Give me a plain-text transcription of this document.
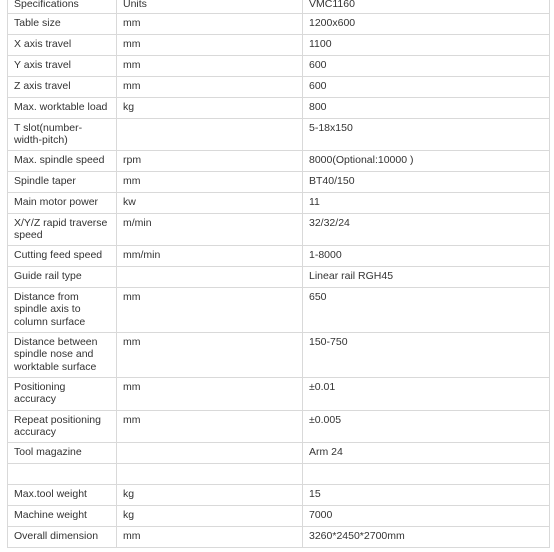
Specifications	Units	VMC1160
Table size	mm	1200x600
X axis travel	mm	1100
Y axis travel	mm	600
Z axis travel	mm	600
Max. worktable load	kg	800
T slot(number-width-pitch)		5-18x150
Max. spindle speed	rpm	8000(Optional:10000 )
Spindle taper	mm	BT40/150
Main motor power	kw	11
X/Y/Z rapid traverse speed	m/min	32/32/24
Cutting feed speed	mm/min	1-8000
Guide rail type		Linear rail RGH45
Distance from spindle axis to column surface	mm	650
Distance between spindle nose and worktable surface	mm	150-750
Positioning accuracy	mm	±0.01
Repeat positioning accuracy	mm	±0.005
Tool magazine		Arm 24

Max.tool weight	kg	15
Machine weight	kg	7000
Overall dimension	mm	3260*2450*2700mm
